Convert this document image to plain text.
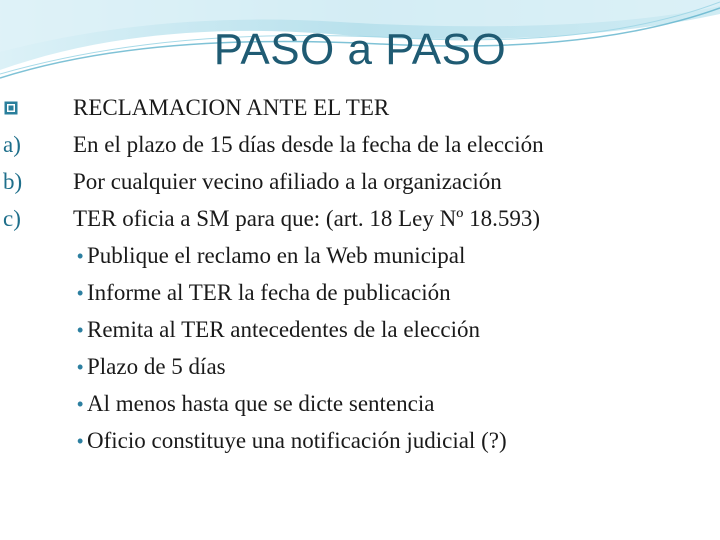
PASO a PASO
RECLAMACION ANTE EL TER
a) En el plazo de 15 días desde la fecha de la elección
b) Por cualquier vecino afiliado a la organización
c) TER oficia a SM para que: (art. 18 Ley Nº 18.593)
• Publique el reclamo en la Web municipal
• Informe al TER la fecha de publicación
• Remita al TER antecedentes de la elección
• Plazo de 5 días
• Al menos hasta que se dicte sentencia
• Oficio constituye una notificación judicial (?)
